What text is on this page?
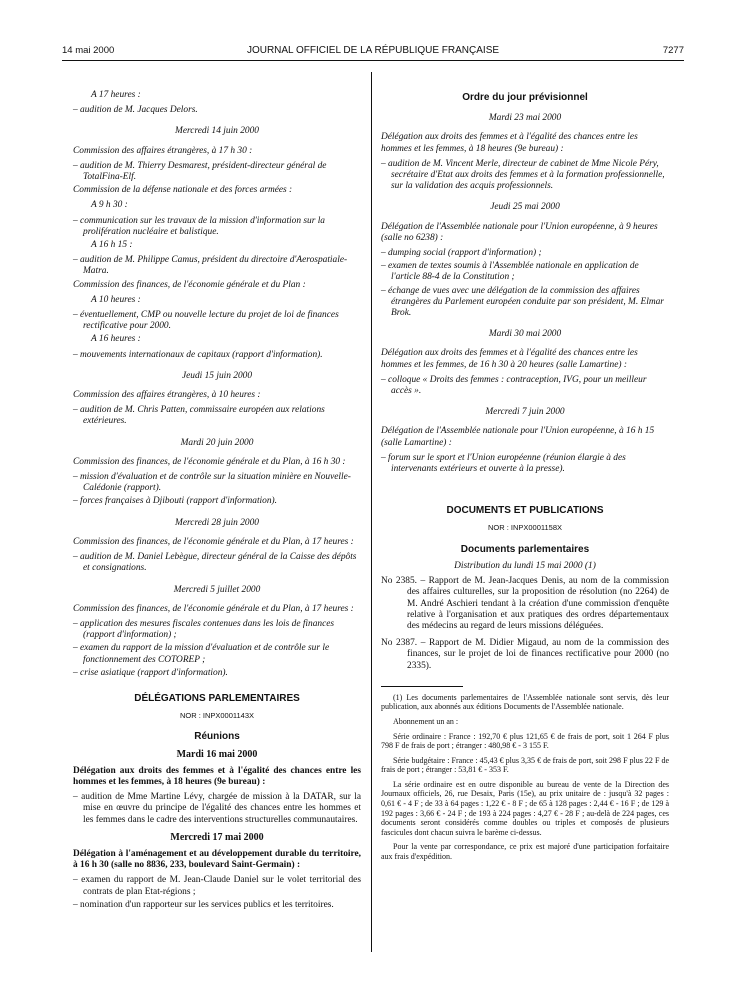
14 mai 2000	JOURNAL OFFICIEL DE LA RÉPUBLIQUE FRANÇAISE	7277

A 17 heures :

– audition de M. Jacques Delors.

Mercredi 14 juin 2000

Commission des affaires étrangères, à 17 h 30 :

– audition de M. Thierry Desmarest, président-directeur général de TotalFina-Elf.

Commission de la défense nationale et des forces armées :

A 9 h 30 :

– communication sur les travaux de la mission d'information sur la prolifération nucléaire et balistique.

A 16 h 15 :

– audition de M. Philippe Camus, président du directoire d'Aerospatiale-Matra.

Commission des finances, de l'économie générale et du Plan :

A 10 heures :

– éventuellement, CMP ou nouvelle lecture du projet de loi de finances rectificative pour 2000.

A 16 heures :

– mouvements internationaux de capitaux (rapport d'information).

Jeudi 15 juin 2000

Commission des affaires étrangères, à 10 heures :

– audition de M. Chris Patten, commissaire européen aux relations extérieures.

Mardi 20 juin 2000

Commission des finances, de l'économie générale et du Plan, à 16 h 30 :

– mission d'évaluation et de contrôle sur la situation minière en Nouvelle-Calédonie (rapport).

– forces françaises à Djibouti (rapport d'information).

Mercredi 28 juin 2000

Commission des finances, de l'économie générale et du Plan, à 17 heures :

– audition de M. Daniel Lebègue, directeur général de la Caisse des dépôts et consignations.

Mercredi 5 juillet 2000

Commission des finances, de l'économie générale et du Plan, à 17 heures :

– application des mesures fiscales contenues dans les lois de finances (rapport d'information) ;

– examen du rapport de la mission d'évaluation et de contrôle sur le fonctionnement des COTOREP ;

– crise asiatique (rapport d'information).

DÉLÉGATIONS PARLEMENTAIRES

NOR : INPX0001143X

Réunions

Mardi 16 mai 2000

Délégation aux droits des femmes et à l'égalité des chances entre les hommes et les femmes, à 18 heures (9e bureau) :

– audition de Mme Martine Lévy, chargée de mission à la DATAR, sur la mise en œuvre du principe de l'égalité des chances entre les hommes et les femmes dans le cadre des interventions structurelles communautaires.

Mercredi 17 mai 2000

Délégation à l'aménagement et au développement durable du territoire, à 16 h 30 (salle no 8836, 233, boulevard Saint-Germain) :

– examen du rapport de M. Jean-Claude Daniel sur le volet territorial des contrats de plan Etat-régions ;

– nomination d'un rapporteur sur les services publics et les territoires.

Ordre du jour prévisionnel

Mardi 23 mai 2000

Délégation aux droits des femmes et à l'égalité des chances entre les hommes et les femmes, à 18 heures (9e bureau) :

– audition de M. Vincent Merle, directeur de cabinet de Mme Nicole Péry, secrétaire d'Etat aux droits des femmes et à la formation professionnelle, sur la validation des acquis professionnels.

Jeudi 25 mai 2000

Délégation de l'Assemblée nationale pour l'Union européenne, à 9 heures (salle no 6238) :

– dumping social (rapport d'information) ;

– examen de textes soumis à l'Assemblée nationale en application de l'article 88-4 de la Constitution ;

– échange de vues avec une délégation de la commission des affaires étrangères du Parlement européen conduite par son président, M. Elmar Brok.

Mardi 30 mai 2000

Délégation aux droits des femmes et à l'égalité des chances entre les hommes et les femmes, de 16 h 30 à 20 heures (salle Lamartine) :

– colloque « Droits des femmes : contraception, IVG, pour un meilleur accès ».

Mercredi 7 juin 2000

Délégation de l'Assemblée nationale pour l'Union européenne, à 16 h 15 (salle Lamartine) :

– forum sur le sport et l'Union européenne (réunion élargie à des intervenants extérieurs et ouverte à la presse).

DOCUMENTS ET PUBLICATIONS

NOR : INPX0001158X

Documents parlementaires

Distribution du lundi 15 mai 2000 (1)

No 2385. – Rapport de M. Jean-Jacques Denis, au nom de la commission des affaires culturelles, sur la proposition de résolution (no 2264) de M. André Aschieri tendant à la création d'une commission d'enquête relative à l'organisation et aux pratiques des ordres départementaux des médecins au regard de leurs missions déléguées.

No 2387. – Rapport de M. Didier Migaud, au nom de la commission des finances, sur le projet de loi de finances rectificative pour 2000 (no 2335).

(1) Les documents parlementaires de l'Assemblée nationale sont servis, dès leur publication, aux abonnés aux éditions Documents de l'Assemblée nationale.

Abonnement un an :

Série ordinaire : France : 192,70 € plus 121,65 € de frais de port, soit 1 264 F plus 798 F de frais de port ; étranger : 480,98 € - 3 155 F.

Série budgétaire : France : 45,43 € plus 3,35 € de frais de port, soit 298 F plus 22 F de frais de port ; étranger : 53,81 € - 353 F.

La série ordinaire est en outre disponible au bureau de vente de la Direction des Journaux officiels, 26, rue Desaix, Paris (15e), au prix unitaire de : jusqu'à 32 pages : 0,61 € - 4 F ; de 33 à 64 pages : 1,22 € - 8 F ; de 65 à 128 pages : 2,44 € - 16 F ; de 129 à 192 pages : 3,66 € - 24 F ; de 193 à 224 pages : 4,27 € - 28 F ; au-delà de 224 pages, ces documents seront considérés comme doubles ou triples et composés de plusieurs fascicules dont chacun suivra le barème ci-dessus.

Pour la vente par correspondance, ce prix est majoré d'une participation forfaitaire aux frais d'expédition.
